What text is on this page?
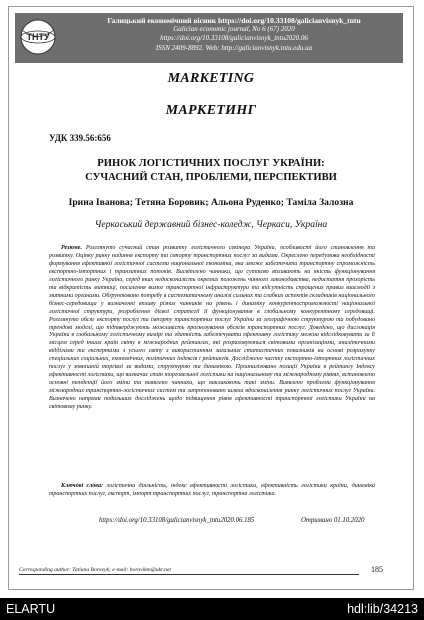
ТНТУ
Галицький економічний вісник https://doi.org/10.33108/galicianvisnyk_tntu
Galician economic journal, No 6 (67) 2020
https://doi.org/10.33108/galicianvisnyk_tntu2020.06
ISSN 2409-8892. Web: http://galicianvisnyk.tntu.edu.ua
MARKETING
МАРКЕТИНГ
УДК 339.56:656
РИНОК ЛОГІСТИЧНИХ ПОСЛУГ УКРАЇНИ:
СУЧАСНИЙ СТАН, ПРОБЛЕМИ, ПЕРСПЕКТИВИ
Ірина Іванова; Тетяна Боровик; Альона Руденко; Таміла Залозна
Черкаський державний бізнес-коледж, Черкаси, Україна
Резюме. Розглянуто сучасний стан розвитку логістичного сектора України, особливості його становлення та розвитку. Оцінку ринку надання експорту та імпорту транспортних послуг за видами. Окреслено передумови необхідності формування ефективної логістичної системи національної економіки, яка зможе забезпечити транспортну спроможність експортно-імпортних і транзитних потоків. Висвітлено чинники, що суттєво впливають на якість функціонування логістичного ринку України, серед яких недосконалість окремих положень чинного законодавства, недостатня прозорість та відкритість митниці, посилення вимог транспортної інфраструктури та відсутність спрощених правил взаємодії з митними органами. Обґрунтовано потребу в систематичному аналізі сильних та слабких аспектів складників національного бізнес-середовища у визначенні впливу різних чинників на рівень і динаміку конкурентоспроможності національної логістичної структури, розроблення дієвої стратегії її функціонування в глобальному конкурентному середовищі. Розглянуто обсяг експорту послуг та імпорту транспортних послуг України за географічною структурою та побудовано трендові моделі, що підтверджують можливість прогнозування обсягів транспортних послуг. Доведено, що дислокація України в глобальному логістичному вимірі та здатність забезпечувати ефективну логістику можна відслідковувати за її місцем серед інших країн світу в міжнародних рейтингах, які розраховуються світовими організаціями, аналітичними відділами та експертами з усього світу з використанням загальних статистичних показників на основі розрахунку спеціальних соціальних, економічних, політичних індексів і рейтингів. Досліджено частку експортно-імпортних логістичних послуг у зовнішній торгівлі за видами, структурою та динамікою. Проаналізовано позиції України в рейтингу Індексу ефективності логістики, що визначає стан торговельної логістики на національному та міжнародному рівнях, встановлено основні тенденції його зміни та виявлено чинники, що викликають такі зміни. Виявлено проблеми функціонування міжнародних транспортно-логістичних систем та запропоновано шляхи вдосконалення ринку логістичних послуг України. Визначено напрями подальших досліджень щодо підвищення рівня ефективності транспортної логістики України на світовому ринку.
Ключові слова: логістична діяльність, індекс ефективності логістики, ефективність логістики країни, динаміка транспортних послуг, експорт, імпорт транспортних послуг, транспортна логістика.
https://doi.org/10.33108/galicianvisnyk_tntu2020.06.185	Отримано 01.10.2020
Corresponding author: Tatiana Borovyk; e-mail: borovikm@ukr.net	185
ELARTU	hdl:lib/34213
